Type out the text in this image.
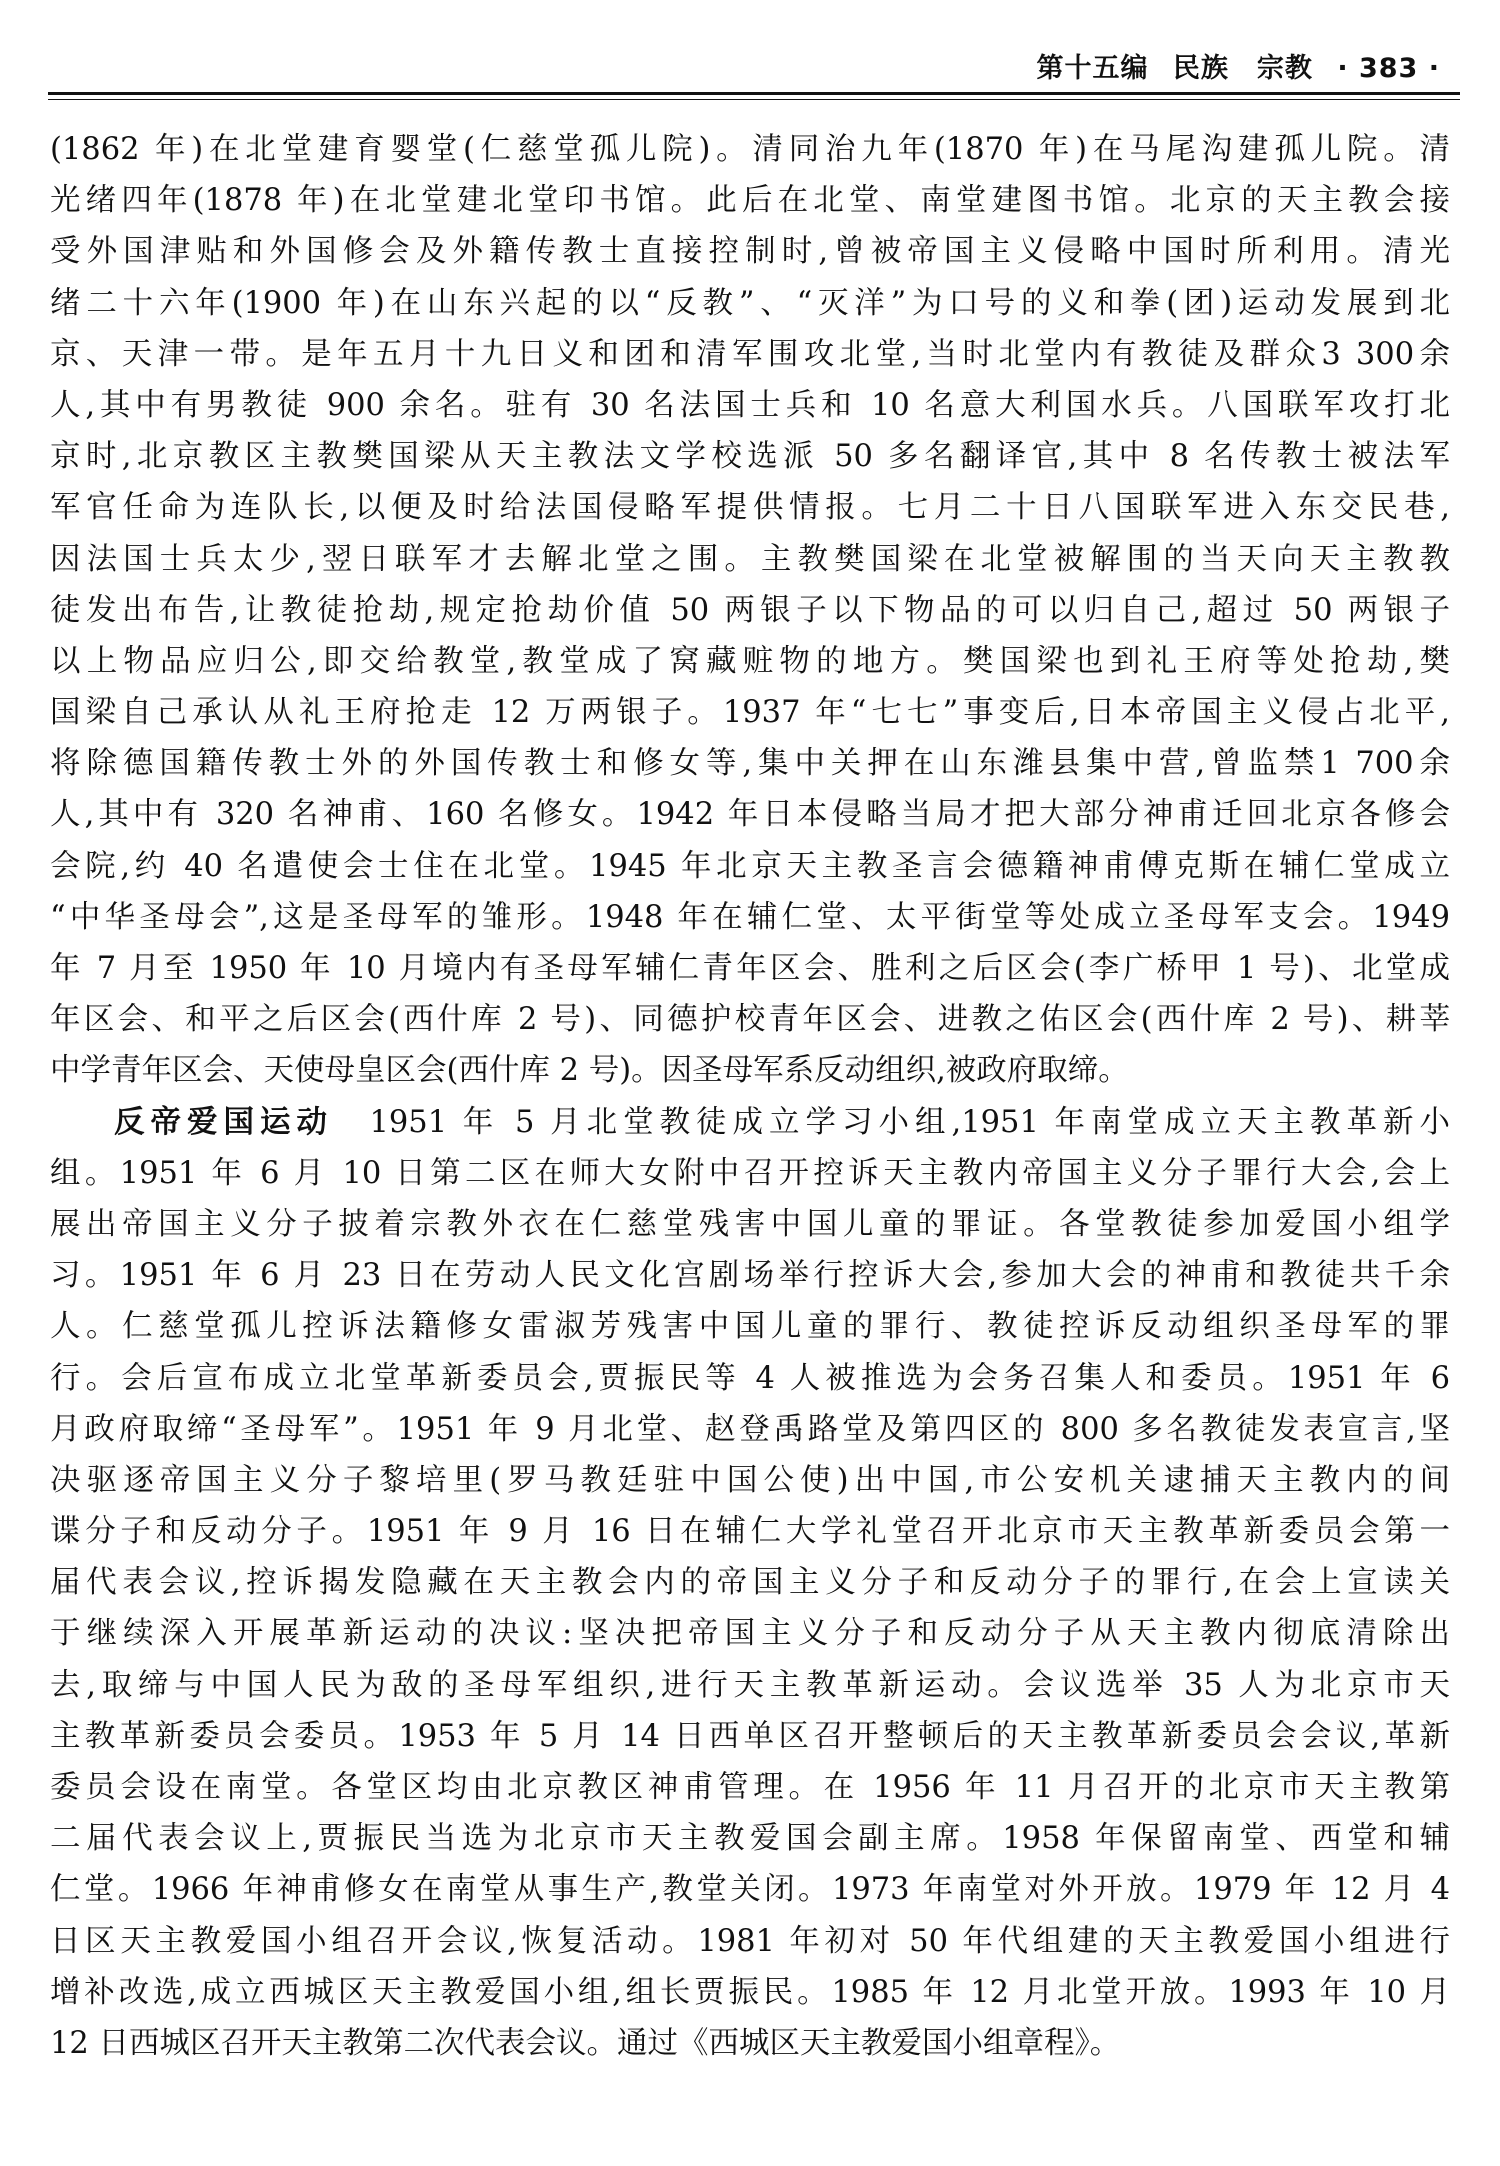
第十五编 民族　宗教 · 383 ·
(1862 年)在北堂建育婴堂(仁慈堂孤儿院)。清同治九年(1870 年)在马尾沟建孤儿院。清
光绪四年(1878 年)在北堂建北堂印书馆。此后在北堂、南堂建图书馆。北京的天主教会接
受外国津贴和外国修会及外籍传教士直接控制时,曾被帝国主义侵略中国时所利用。清光
绪二十六年(1900 年)在山东兴起的以“反教”、“灭洋”为口号的义和拳(团)运动发展到北
京、天津一带。是年五月十九日义和团和清军围攻北堂,当时北堂内有教徒及群众3 300余
人,其中有男教徒 900 余名。驻有 30 名法国士兵和 10 名意大利国水兵。八国联军攻打北
京时,北京教区主教樊国梁从天主教法文学校选派 50 多名翻译官,其中 8 名传教士被法军
军官任命为连队长,以便及时给法国侵略军提供情报。七月二十日八国联军进入东交民巷,
因法国士兵太少,翌日联军才去解北堂之围。主教樊国梁在北堂被解围的当天向天主教教
徒发出布告,让教徒抢劫,规定抢劫价值 50 两银子以下物品的可以归自己,超过 50 两银子
以上物品应归公,即交给教堂,教堂成了窝藏赃物的地方。樊国梁也到礼王府等处抢劫,樊
国梁自己承认从礼王府抢走 12 万两银子。1937 年“七七”事变后,日本帝国主义侵占北平,
将除德国籍传教士外的外国传教士和修女等,集中关押在山东潍县集中营,曾监禁1 700余
人,其中有 320 名神甫、160 名修女。1942 年日本侵略当局才把大部分神甫迁回北京各修会
会院,约 40 名遣使会士住在北堂。1945 年北京天主教圣言会德籍神甫傅克斯在辅仁堂成立
“中华圣母会”,这是圣母军的雏形。1948 年在辅仁堂、太平街堂等处成立圣母军支会。1949
年 7 月至 1950 年 10 月境内有圣母军辅仁青年区会、胜利之后区会(李广桥甲 1 号)、北堂成
年区会、和平之后区会(西什库 2 号)、同德护校青年区会、进教之佑区会(西什库 2 号)、耕莘
中学青年区会、天使母皇区会(西什库 2 号)。因圣母军系反动组织,被政府取缔。
反帝爱国运动　1951 年 5 月北堂教徒成立学习小组,1951 年南堂成立天主教革新小
组。1951 年 6 月 10 日第二区在师大女附中召开控诉天主教内帝国主义分子罪行大会,会上
展出帝国主义分子披着宗教外衣在仁慈堂残害中国儿童的罪证。各堂教徒参加爱国小组学
习。1951 年 6 月 23 日在劳动人民文化宫剧场举行控诉大会,参加大会的神甫和教徒共千余
人。仁慈堂孤儿控诉法籍修女雷淑芳残害中国儿童的罪行、教徒控诉反动组织圣母军的罪
行。会后宣布成立北堂革新委员会,贾振民等 4 人被推选为会务召集人和委员。1951 年 6
月政府取缔“圣母军”。1951 年 9 月北堂、赵登禹路堂及第四区的 800 多名教徒发表宣言,坚
决驱逐帝国主义分子黎培里(罗马教廷驻中国公使)出中国,市公安机关逮捕天主教内的间
谍分子和反动分子。1951 年 9 月 16 日在辅仁大学礼堂召开北京市天主教革新委员会第一
届代表会议,控诉揭发隐藏在天主教会内的帝国主义分子和反动分子的罪行,在会上宣读关
于继续深入开展革新运动的决议:坚决把帝国主义分子和反动分子从天主教内彻底清除出
去,取缔与中国人民为敌的圣母军组织,进行天主教革新运动。会议选举 35 人为北京市天
主教革新委员会委员。1953 年 5 月 14 日西单区召开整顿后的天主教革新委员会会议,革新
委员会设在南堂。各堂区均由北京教区神甫管理。在 1956 年 11 月召开的北京市天主教第
二届代表会议上,贾振民当选为北京市天主教爱国会副主席。1958 年保留南堂、西堂和辅
仁堂。1966 年神甫修女在南堂从事生产,教堂关闭。1973 年南堂对外开放。1979 年 12 月 4
日区天主教爱国小组召开会议,恢复活动。1981 年初对 50 年代组建的天主教爱国小组进行
增补改选,成立西城区天主教爱国小组,组长贾振民。1985 年 12 月北堂开放。1993 年 10 月
12 日西城区召开天主教第二次代表会议。通过《西城区天主教爱国小组章程》。
